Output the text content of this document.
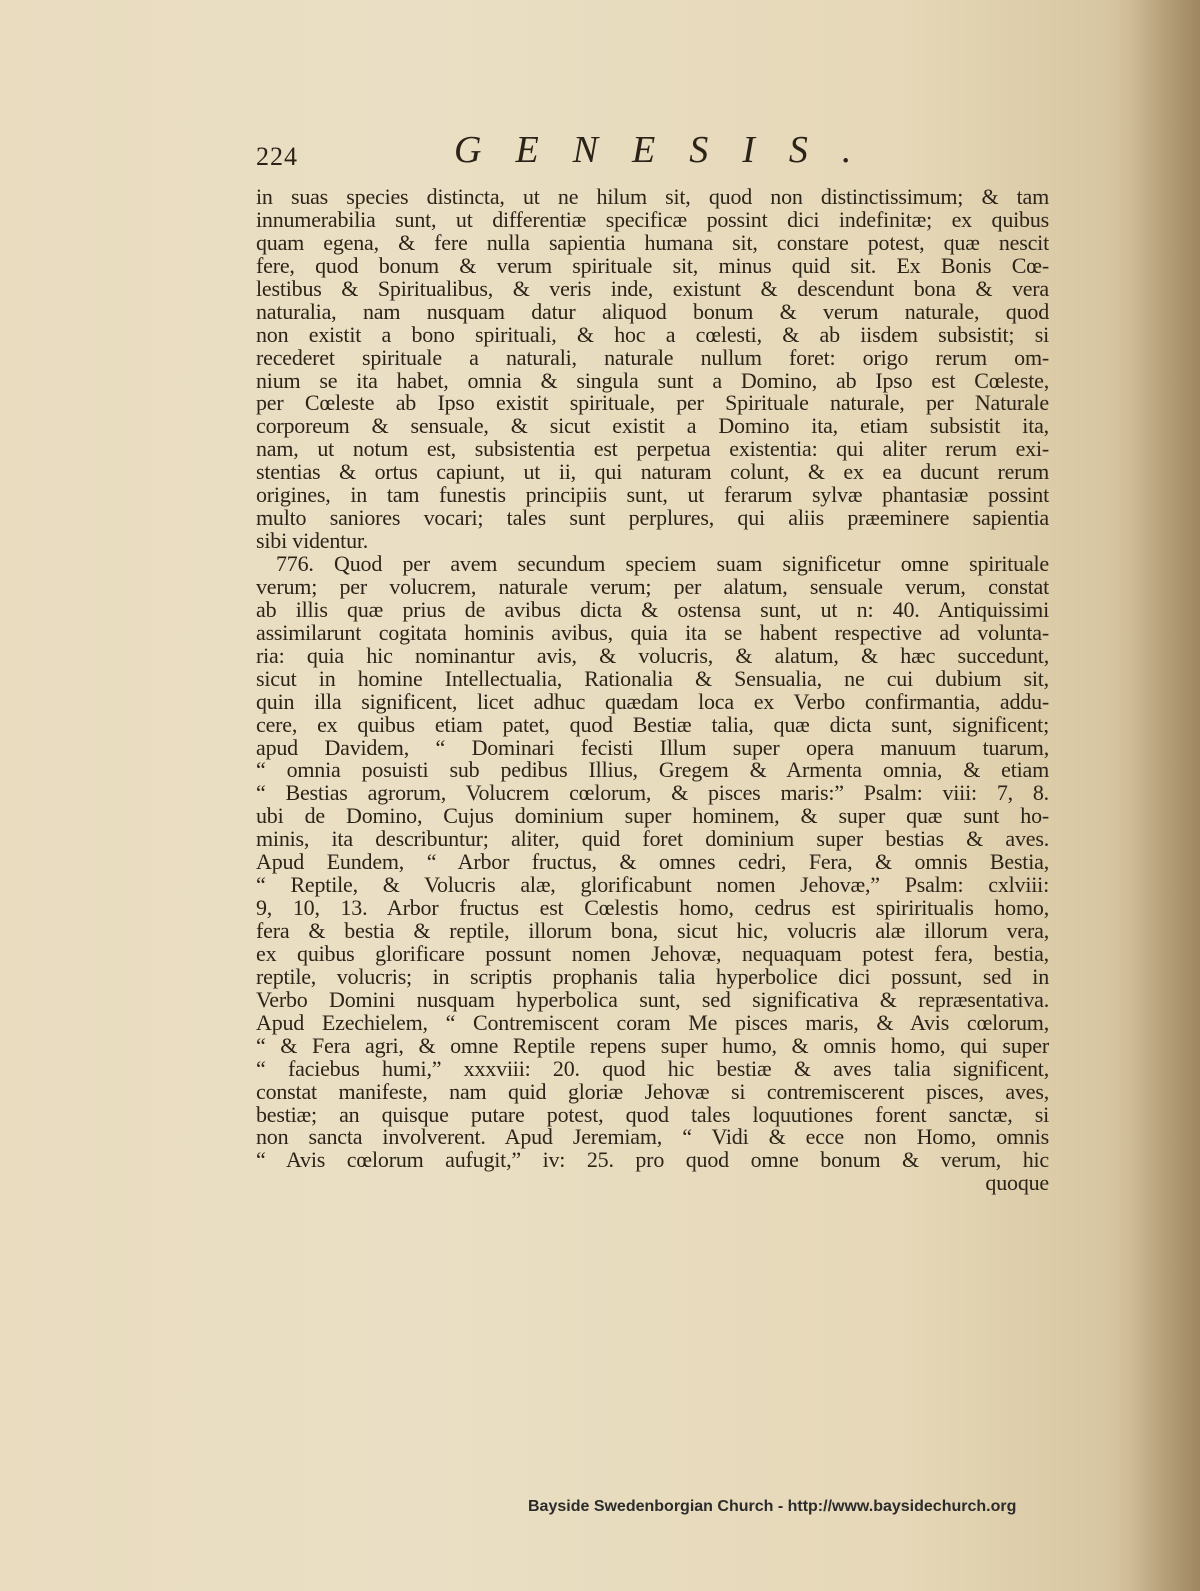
224	GENESIS.

in suas species distincta, ut ne hilum sit, quod non distinctissimum; & tam

innumerabilia sunt, ut differentiæ specificæ possint dici indefinitæ; ex quibus

quam egena, & fere nulla sapientia humana sit, constare potest, quæ nescit

fere, quod bonum & verum spirituale sit, minus quid sit. Ex Bonis Cœ-

lestibus & Spiritualibus, & veris inde, existunt & descendunt bona & vera

naturalia, nam nusquam datur aliquod bonum & verum naturale, quod

non existit a bono spirituali, & hoc a cœlesti, & ab iisdem subsistit; si

recederet spirituale a naturali, naturale nullum foret: origo rerum om-

nium se ita habet, omnia & singula sunt a Domino, ab Ipso est Cœleste,

per Cœleste ab Ipso existit spirituale, per Spirituale naturale, per Naturale

corporeum & sensuale, & sicut existit a Domino ita, etiam subsistit ita,

nam, ut notum est, subsistentia est perpetua existentia: qui aliter rerum exi-

stentias & ortus capiunt, ut ii, qui naturam colunt, & ex ea ducunt rerum

origines, in tam funestis principiis sunt, ut ferarum sylvæ phantasiæ possint

multo saniores vocari; tales sunt perplures, qui aliis præeminere sapientia

sibi videntur.

776. Quod per avem secundum speciem suam significetur omne spirituale

verum; per volucrem, naturale verum; per alatum, sensuale verum, constat

ab illis quæ prius de avibus dicta & ostensa sunt, ut n: 40. Antiquissimi

assimilarunt cogitata hominis avibus, quia ita se habent respective ad volunta-

ria: quia hic nominantur avis, & volucris, & alatum, & hæc succedunt,

sicut in homine Intellectualia, Rationalia & Sensualia, ne cui dubium sit,

quin illa significent, licet adhuc quædam loca ex Verbo confirmantia, addu-

cere, ex quibus etiam patet, quod Bestiæ talia, quæ dicta sunt, significent;

apud Davidem, “ Dominari fecisti Illum super opera manuum tuarum,

“ omnia posuisti sub pedibus Illius, Gregem & Armenta omnia, & etiam

“ Bestias agrorum, Volucrem cœlorum, & pisces maris:” Psalm: viii: 7, 8.

ubi de Domino, Cujus dominium super hominem, & super quæ sunt ho-

minis, ita describuntur; aliter, quid foret dominium super bestias & aves.

Apud Eundem, “ Arbor fructus, & omnes cedri, Fera, & omnis Bestia,

“ Reptile, & Volucris alæ, glorificabunt nomen Jehovæ,” Psalm: cxlviii:

9, 10, 13. Arbor fructus est Cœlestis homo, cedrus est spiriritualis homo,

fera & bestia & reptile, illorum bona, sicut hic, volucris alæ illorum vera,

ex quibus glorificare possunt nomen Jehovæ, nequaquam potest fera, bestia,

reptile, volucris; in scriptis prophanis talia hyperbolice dici possunt, sed in

Verbo Domini nusquam hyperbolica sunt, sed significativa & repræsentativa.

Apud Ezechielem, “ Contremiscent coram Me pisces maris, & Avis cœlorum,

“ & Fera agri, & omne Reptile repens super humo, & omnis homo, qui super

“ faciebus humi,” xxxviii: 20. quod hic bestiæ & aves talia significent,

constat manifeste, nam quid gloriæ Jehovæ si contremiscerent pisces, aves,

bestiæ; an quisque putare potest, quod tales loquutiones forent sanctæ, si

non sancta involverent. Apud Jeremiam, “ Vidi & ecce non Homo, omnis

“ Avis cœlorum aufugit,” iv: 25. pro quod omne bonum & verum, hic

quoque

Bayside Swedenborgian Church - http://www.baysidechurch.org
